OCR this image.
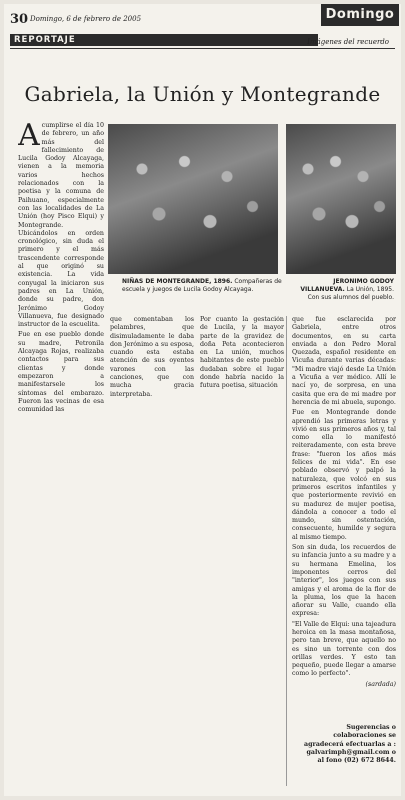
30 Domingo, 6 de febrero de 2005	Domingo
REPORTAJE	Imágenes del recuerdo
Gabriela, la Unión y Montegrande

Acumplirse el día 10 de febrero, un año más del fallecimiento de Lucila Godoy Alcayaga, vienen a la memoria varios hechos relacionados con la poetisa y la comuna de Paihuano, especialmente con las localidades de La Unión (hoy Pisco Elqui) y Montegrande. Ubicándolos en orden cronológico, sin duda el primero y el más trascendente corresponde al que originó su existencia. La vida conyugal la iniciaron sus padres en La Unión, donde su padre, don Jerónimo Godoy Villanueva, fue designado instructor de la escuelita.

Fue en ese pueblo donde su madre, Petronila Alcayaga Rojas, realizaba contactos para sus clientas y donde empezaron a manifestarsele los síntomas del embarazo. Fueron las vecinas de esa comunidad las

NIÑAS DE MONTEGRANDE, 1896. Compañeras de escuela y juegos de Lucila Godoy Alcayaga.
JERONIMO GODOY VILLANUEVA. La Unión, 1895. Con sus alumnos del pueblo.

que comentaban los pelambres, que disimuladamente le daba don Jerónimo a su esposa, cuando esta estaba atención de sus oyentes varones con las canciones, que con mucha gracia interpretaba.

Por cuanto la gestación de Lucila, y la mayor parte de la gravidez de doña Peta acontecieron en La unión, muchos habitantes de este pueblo dudaban sobre el lugar donde habría nacido la futura poetisa, situación

que fue esclarecida por Gabriela, entre otros documentos, en su carta enviada a don Pedro Moral Quezada, español residente en Vicuña durante varias décadas: "Mi madre viajó desde La Unión a Vicuña a ver médico. Allí le nací yo, de sorpresa, en una casita que era de mi madre por herencia de mi abuela, supongo.

Fue en Montegrande donde aprendió las primeras letras y vivió en sus primeros años y, tal como ella lo manifestó reiteradamente, con esta breve frase: "fueron los años más felices de mi vida". En ese poblado observó y palpó la naturaleza, que volcó en sus primeros escritos infantiles y que posteriormente revivió en su madurez de mujer poetisa, dándola a conocer a todo el mundo, sin ostentación, consecuente, humilde y segura al mismo tiempo.

Son sin duda, los recuerdos de su infancia junto a su madre y a su hermana Emelina, los imponentes cerros del "interior", los juegos con sus amigas y el aroma de la flor de la pluma, los que la hacen añorar su Valle, cuando ella expresa:

"El Valle de Elqui: una tajeadura heroica en la masa montañosa, pero tan breve, que aquello no es sino un torrente con dos orillas verdes. Y esto tan pequeño, puede llegar a amarse como lo perfecto".

(sardada)

Sugerencias o colaboraciones se agradecerá efectuarlas a :
galvarimph@gmail.com o
al fono (02) 672 8644.
